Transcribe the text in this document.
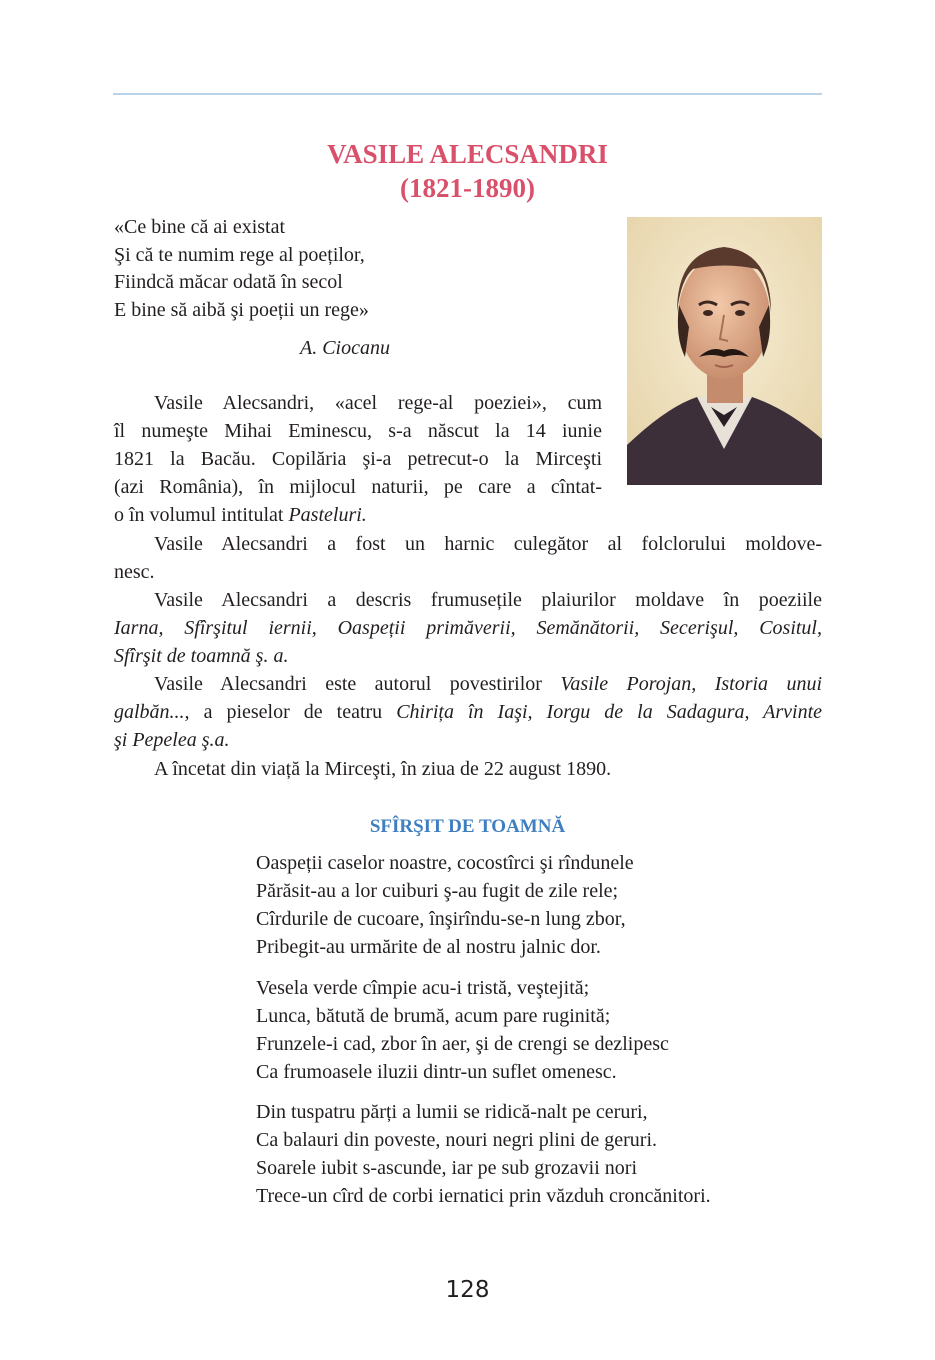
VASILE ALECSANDRI
(1821-1890)
«Ce bine că ai existat
Şi că te numim rege al poeților,
Fiindcă măcar odată în secol
E bine să aibă şi poeții un rege»
A. Ciocanu
Vasile Alecsandri, «acel rege-al poeziei», cum
îl numeşte Mihai Eminescu, s-a născut la 14 iunie
1821 la Bacău. Copilăria şi-a petrecut-o la Mirceşti
(azi România), în mijlocul naturii, pe care a cîntat-
o în volumul intitulat Pasteluri.
Vasile Alecsandri a fost un harnic culegător al folclorului moldove-
nesc.
Vasile Alecsandri a descris frumusețile plaiurilor moldave în poeziile
Iarna, Sfîrşitul iernii, Oaspeții primăverii, Semănătorii, Secerişul, Cositul,
Sfîrşit de toamnă ş. a.
Vasile Alecsandri este autorul povestirilor Vasile Porojan, Istoria unui
galbăn..., a pieselor de teatru Chirița în Iaşi, Iorgu de la Sadagura, Arvinte
şi Pepelea ş.a.
A încetat din viață la Mirceşti, în ziua de 22 august 1890.
SFÎRŞIT DE TOAMNĂ
Oaspeții caselor noastre, cocostîrci şi rîndunele
Părăsit-au a lor cuiburi ş-au fugit de zile rele;
Cîrdurile de cucoare, înşirîndu-se-n lung zbor,
Pribegit-au urmărite de al nostru jalnic dor.
Vesela verde cîmpie acu-i tristă, veştejită;
Lunca, bătută de brumă, acum pare ruginită;
Frunzele-i cad, zbor în aer, şi de crengi se dezlipesc
Ca frumoasele iluzii dintr-un suflet omenesc.
Din tuspatru părți a lumii se ridică-nalt pe ceruri,
Ca balauri din poveste, nouri negri plini de geruri.
Soarele iubit s-ascunde, iar pe sub grozavii nori
Trece-un cîrd de corbi iernatici prin văzduh croncănitori.
128
